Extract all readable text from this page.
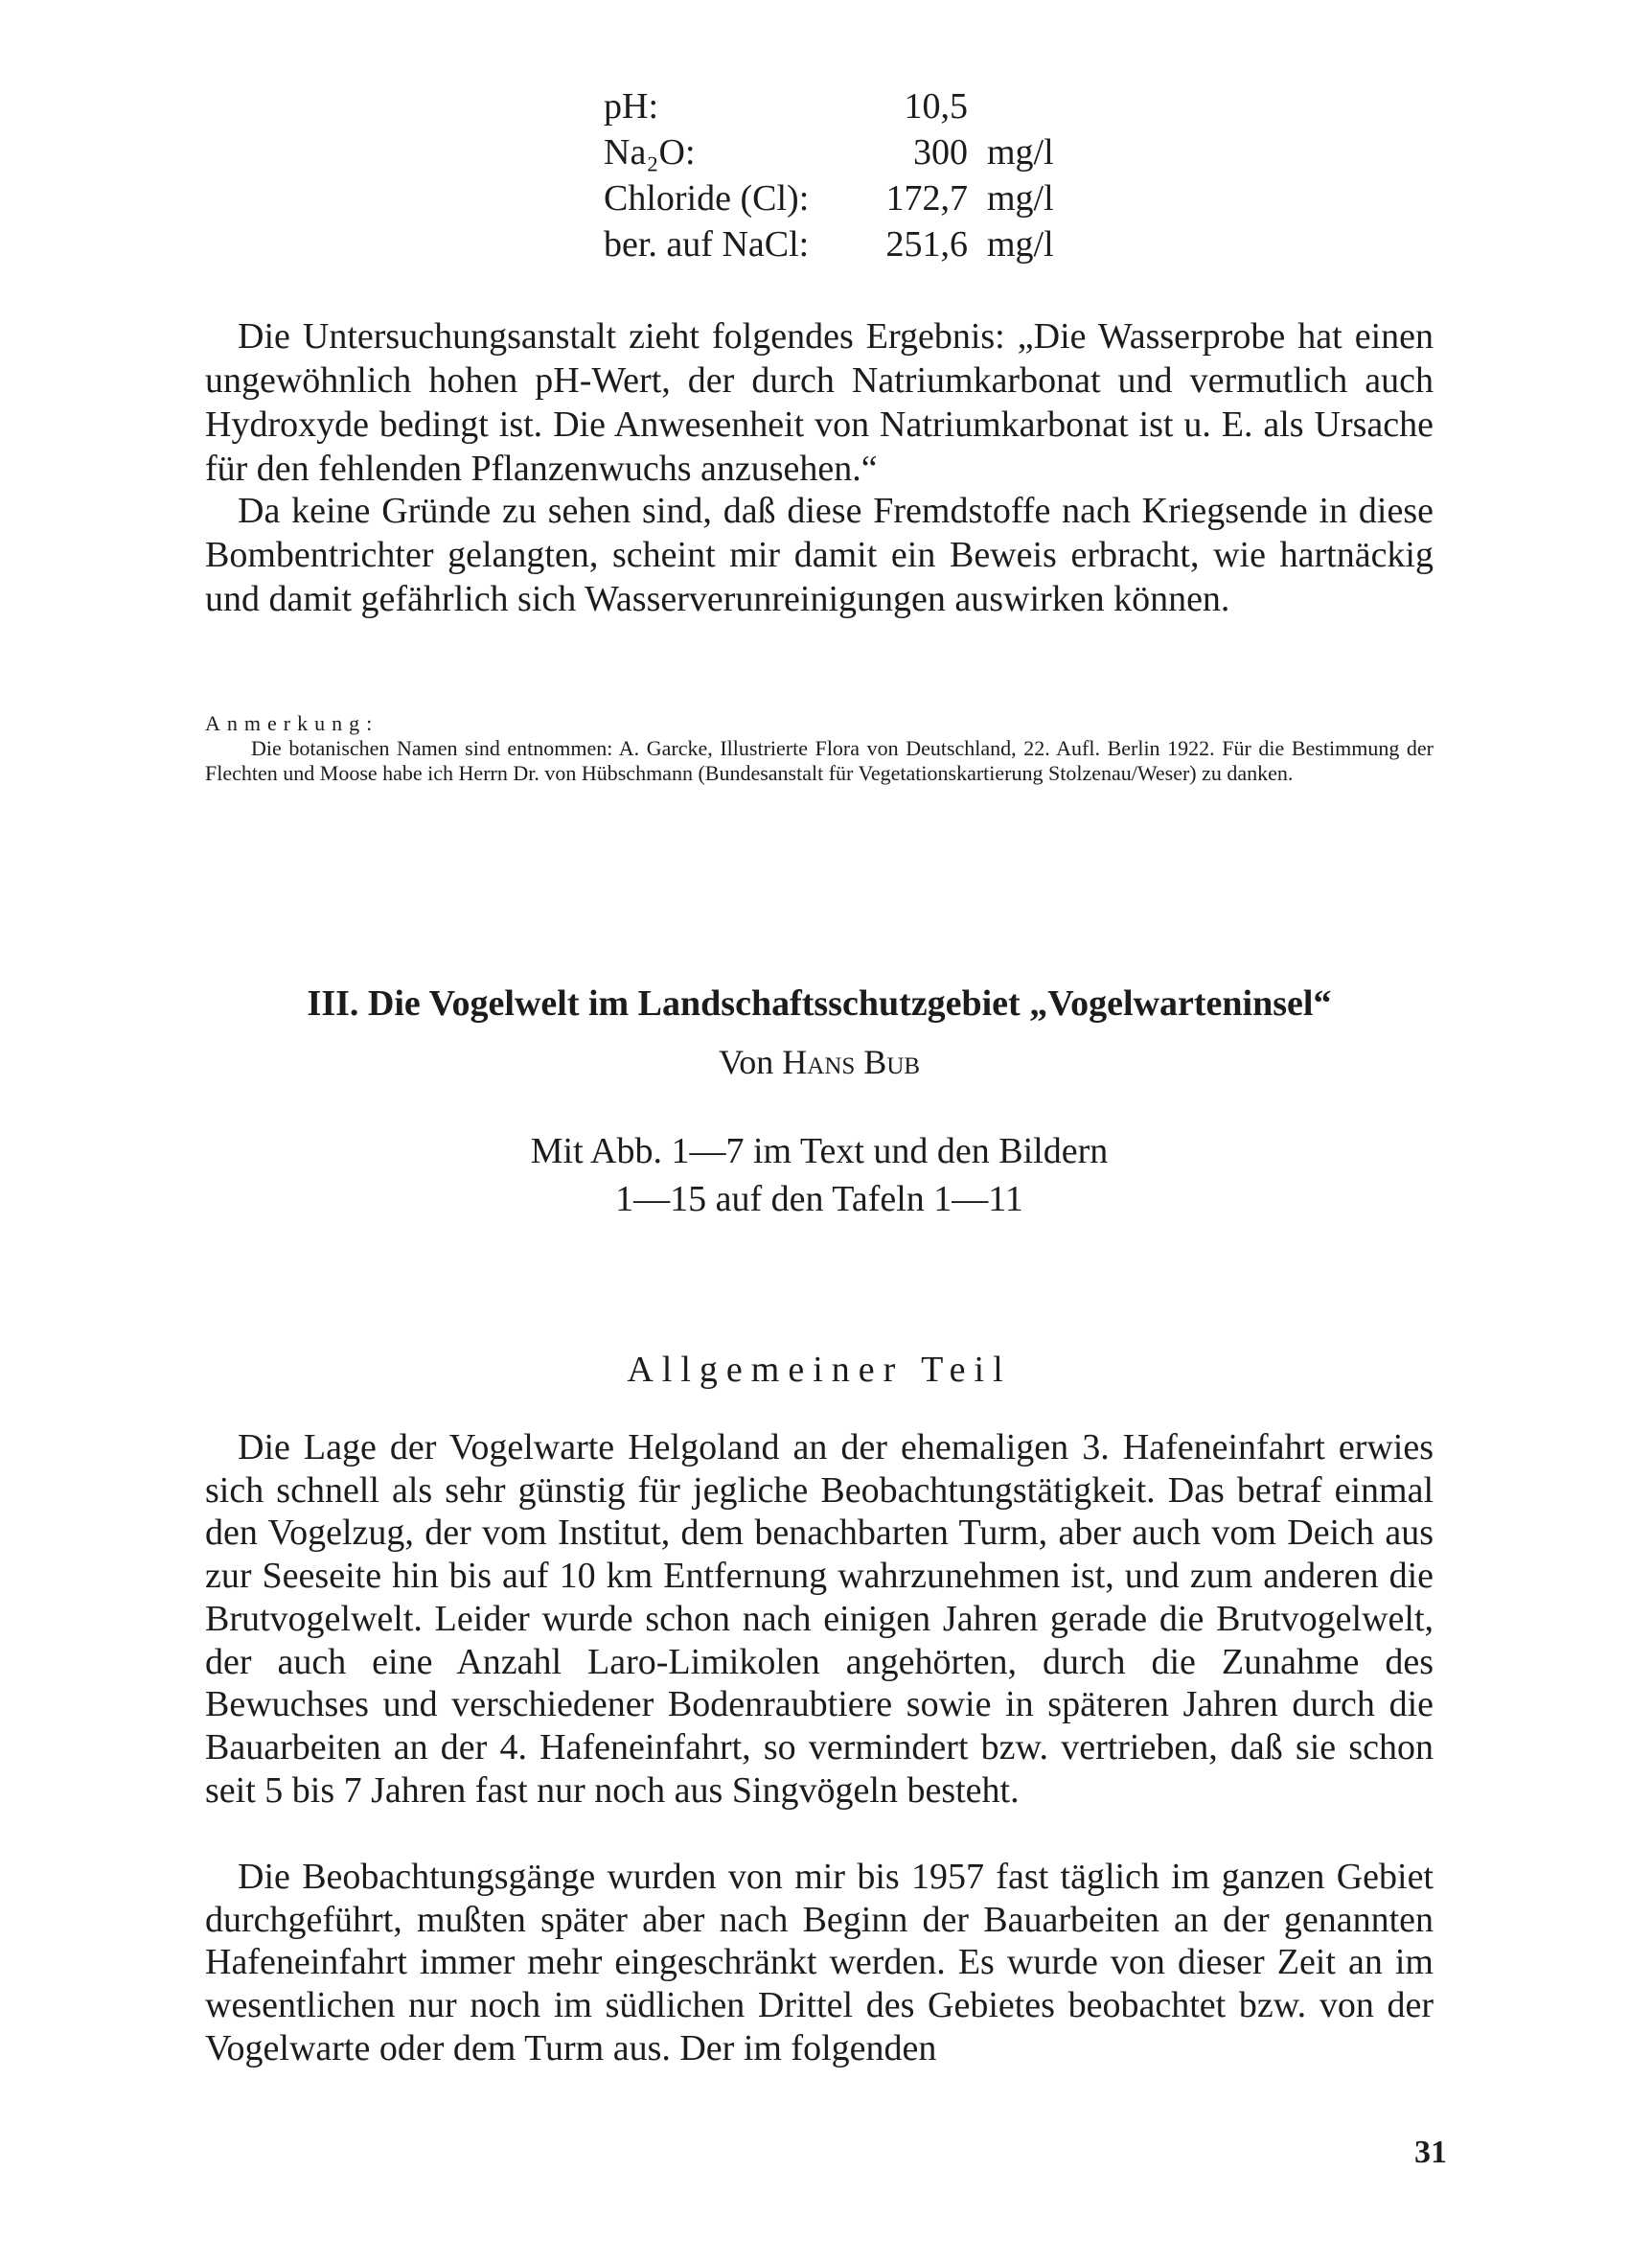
pH:	10,5	
Na₂O:	300	mg/l
Chloride (Cl):	172,7	mg/l
ber. auf NaCl:	251,6	mg/l

Die Untersuchungsanstalt zieht folgendes Ergebnis: „Die Wasserprobe hat einen ungewöhnlich hohen pH-Wert, der durch Natriumkarbonat und vermutlich auch Hydroxyde bedingt ist. Die Anwesenheit von Natriumkarbonat ist u. E. als Ursache für den fehlenden Pflanzenwuchs anzusehen.“

Da keine Gründe zu sehen sind, daß diese Fremdstoffe nach Kriegsende in diese Bombentrichter gelangten, scheint mir damit ein Beweis erbracht, wie hartnäckig und damit gefährlich sich Wasserverunreinigungen auswirken können.

Anmerkung:

Die botanischen Namen sind entnommen: A. Garcke, Illustrierte Flora von Deutschland, 22. Aufl. Berlin 1922. Für die Bestimmung der Flechten und Moose habe ich Herrn Dr. von Hübschmann (Bundesanstalt für Vegetationskartierung Stolzenau/Weser) zu danken.

III. Die Vogelwelt im Landschaftsschutzgebiet „Vogelwarteninsel“
Von Hans Bub
Mit Abb. 1—7 im Text und den Bildern
1—15 auf den Tafeln 1—11
Allgemeiner Teil

Die Lage der Vogelwarte Helgoland an der ehemaligen 3. Hafeneinfahrt erwies sich schnell als sehr günstig für jegliche Beobachtungstätigkeit. Das betraf einmal den Vogelzug, der vom Institut, dem benachbarten Turm, aber auch vom Deich aus zur Seeseite hin bis auf 10 km Entfernung wahrzunehmen ist, und zum anderen die Brutvogelwelt. Leider wurde schon nach einigen Jahren gerade die Brutvogelwelt, der auch eine Anzahl Laro-Limikolen angehörten, durch die Zunahme des Bewuchses und verschiedener Bodenraubtiere sowie in späteren Jahren durch die Bauarbeiten an der 4. Hafeneinfahrt, so vermindert bzw. vertrieben, daß sie schon seit 5 bis 7 Jahren fast nur noch aus Singvögeln besteht.

Die Beobachtungsgänge wurden von mir bis 1957 fast täglich im ganzen Gebiet durchgeführt, mußten später aber nach Beginn der Bauarbeiten an der genannten Hafeneinfahrt immer mehr eingeschränkt werden. Es wurde von dieser Zeit an im wesentlichen nur noch im südlichen Drittel des Gebietes beobachtet bzw. von der Vogelwarte oder dem Turm aus. Der im folgenden

31
